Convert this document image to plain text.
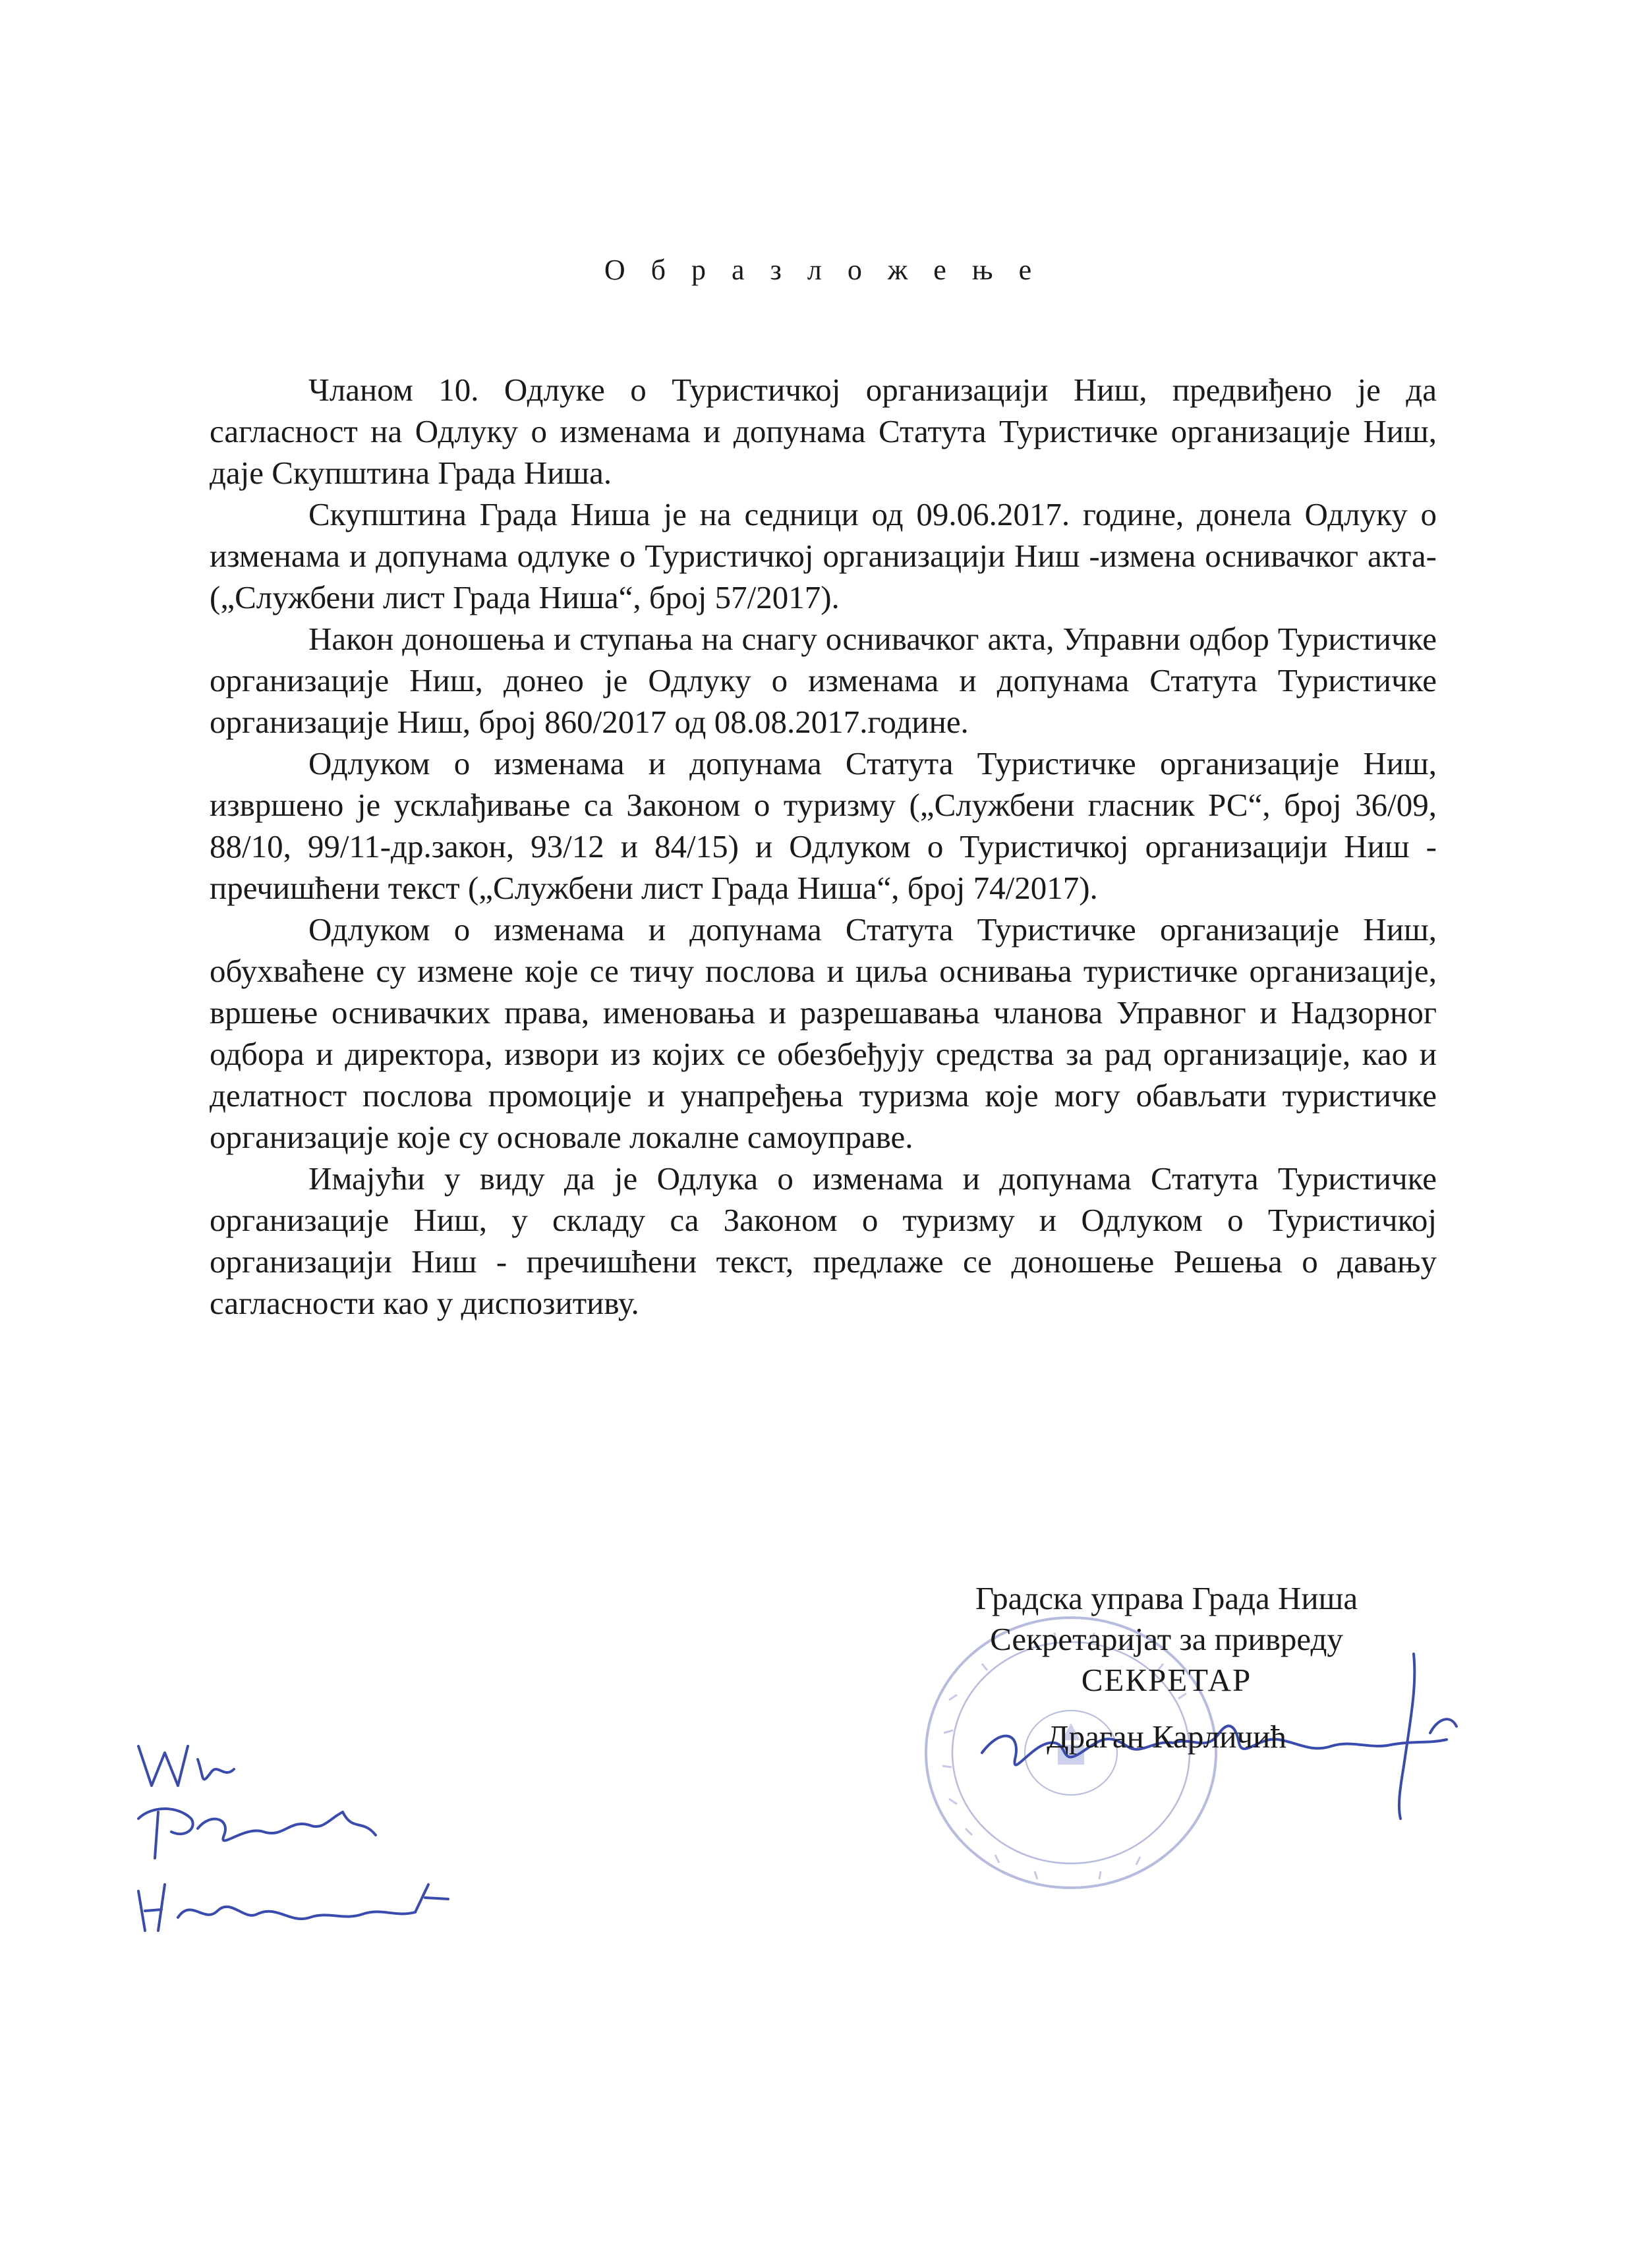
О б р а з л о ж е њ е

Чланом 10. Одлуке о Туристичкој организацији Ниш, предвиђено је да сагласност на Одлуку о изменама и допунама Статута Туристичке организације Ниш, даје Скупштина Града Ниша.

Скупштина Града Ниша је на седници од 09.06.2017. године, донела Одлуку о изменама и допунама одлуке о Туристичкој организацији Ниш -измена оснивачког акта- („Службени лист Града Ниша“, број 57/2017).

Након доношења и ступања на снагу оснивачког акта, Управни одбор Туристичке организације Ниш, донео је Одлуку о изменама и допунама Статута Туристичке организације Ниш, број 860/2017 од 08.08.2017.године.

Одлуком о изменама и допунама Статута Туристичке организације Ниш, извршено је усклађивање са Законом о туризму („Службени гласник РС“, број 36/09, 88/10, 99/11-др.закон, 93/12 и 84/15) и Одлуком о Туристичкој организацији Ниш - пречишћени текст („Службени лист Града Ниша“, број 74/2017).

Одлуком о изменама и допунама Статута Туристичке организације Ниш, обухваћене су измене које се тичу послова и циља оснивања туристичке организације, вршење оснивачких права, именовања и разрешавања чланова Управног и Надзорног одбора и директора, извори из којих се обезбеђују средства за рад организације, као и делатност послова промоције и унапређења туризма које могу обављати туристичке организације које су основале локалне самоуправе.

Имајући у виду да је Одлука о изменама и допунама Статута Туристичке организације Ниш, у складу са Законом о туризму и Одлуком о Туристичкој организацији Ниш - пречишћени текст, предлаже се доношење Решења о давању сагласности као у диспозитиву.

Градска управа Града Ниша
Секретаријат за привреду
СЕКРЕТАР
Драган Карличић
